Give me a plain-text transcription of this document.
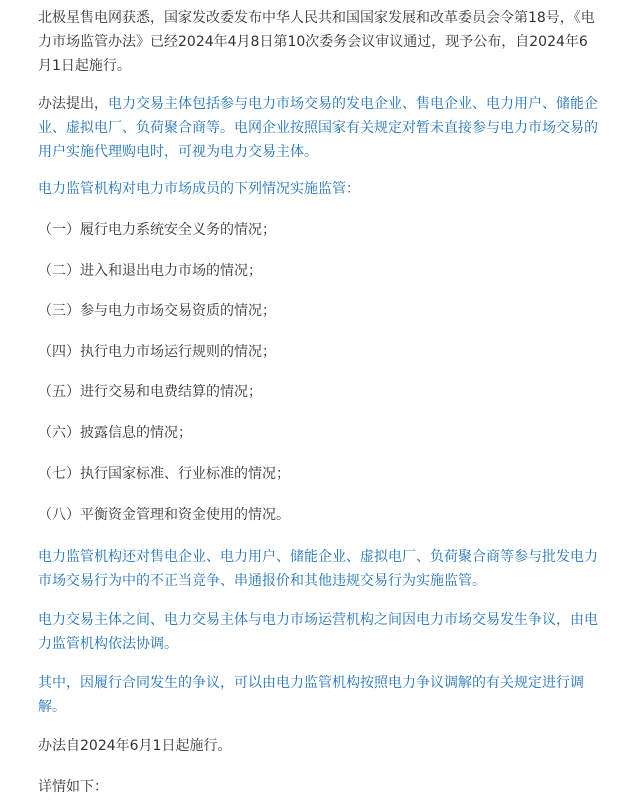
北极星售电网获悉，国家发改委发布中华人民共和国国家发展和改革委员会令第18号，《电力市场监管办法》已经2024年4月8日第10次委务会议审议通过，现予公布，自2024年6月1日起施行。

办法提出，电力交易主体包括参与电力市场交易的发电企业、售电企业、电力用户、储能企业、虚拟电厂、负荷聚合商等。电网企业按照国家有关规定对暂未直接参与电力市场交易的用户实施代理购电时，可视为电力交易主体。

电力监管机构对电力市场成员的下列情况实施监管：

（一）履行电力系统安全义务的情况；

（二）进入和退出电力市场的情况；

（三）参与电力市场交易资质的情况；

（四）执行电力市场运行规则的情况；

（五）进行交易和电费结算的情况；

（六）披露信息的情况；

（七）执行国家标准、行业标准的情况；

（八）平衡资金管理和资金使用的情况。

电力监管机构还对售电企业、电力用户、储能企业、虚拟电厂、负荷聚合商等参与批发电力市场交易行为中的不正当竞争、串通报价和其他违规交易行为实施监管。

电力交易主体之间、电力交易主体与电力市场运营机构之间因电力市场交易发生争议，由电力监管机构依法协调。

其中，因履行合同发生的争议，可以由电力监管机构按照电力争议调解的有关规定进行调解。

办法自2024年6月1日起施行。

详情如下：
